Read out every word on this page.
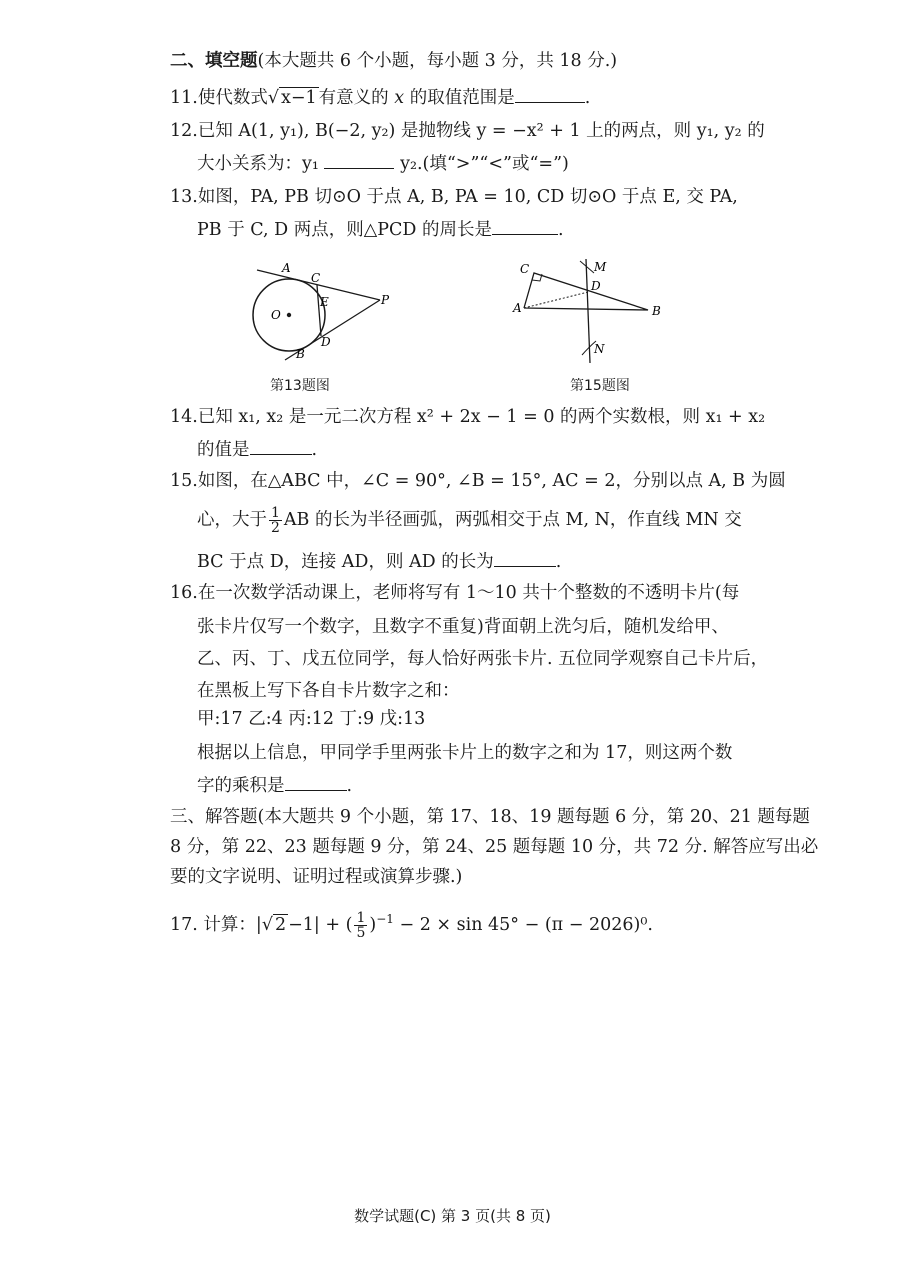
二、填空题(本大题共 6 个小题，每小题 3 分，共 18 分.)
11.使代数式√ x−1 有意义的 x 的取值范围是	.
12.已知 A(1, y₁), B(−2, y₂) 是抛物线 y = −x² + 1 上的两点，则 y₁, y₂ 的
大小关系为：y₁	y₂.(填“>”“<”或“=”)
13.如图，PA, PB 切⊙O 于点 A, B, PA = 10, CD 切⊙O 于点 E, 交 PA,
PB 于 C, D 两点，则△PCD 的周长是	.
A
C
E	P
O
D
B
第13题图
C	M
D
A	B
N
第15题图
14.已知 x₁, x₂ 是一元二次方程 x² + 2x − 1 = 0 的两个实数根，则 x₁ + x₂
的值是	.
15.如图，在△ABC 中，∠C = 90°, ∠B = 15°, AC = 2，分别以点 A, B 为圆
心，大于 $\frac{1}{2}$ AB 的长为半径画弧，两弧相交于点 M, N，作直线 MN 交
BC 于点 D，连接 AD，则 AD 的长为	.
16.在一次数学活动课上，老师将写有 1～10 共十个整数的不透明卡片(每
张卡片仅写一个数字，且数字不重复)背面朝上洗匀后，随机发给甲、
乙、丙、丁、戊五位同学，每人恰好两张卡片. 五位同学观察自己卡片后，
在黑板上写下各自卡片数字之和：
甲:17 乙:4 丙:12 丁:9 戊:13
根据以上信息，甲同学手里两张卡片上的数字之和为 17，则这两个数
字的乘积是	.
三、解答题(本大题共 9 个小题，第 17、18、19 题每题 6 分，第 20、21 题每题
8 分，第 22、23 题每题 9 分，第 24、25 题每题 10 分，共 72 分. 解答应写出必
要的文字说明、证明过程或演算步骤.)
17. 计算：|√ 2 −1| + ( $\frac{1}{5} )^{-1} - 2 \times \sin 45^\circ - (\pi - 2026)^0$.
数学试题(C) 第 3 页(共 8 页)
